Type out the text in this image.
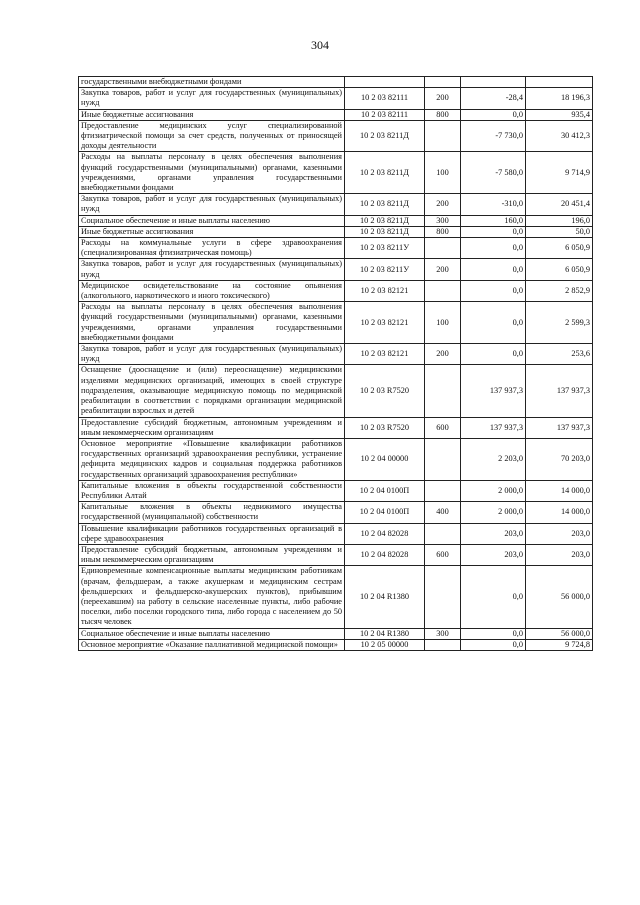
304
государственными внебюджетными фондами				
Закупка товаров, работ и услуг для государственных (муниципальных) нужд	10 2 03 82111	200	-28,4	18 196,3
Иные бюджетные ассигнования	10 2 03 82111	800	0,0	935,4
Предоставление медицинских услуг специализированной фтизиатрической помощи за счет средств, полученных от приносящей доходы деятельности	10 2 03 8211Д		-7 730,0	30 412,3
Расходы на выплаты персоналу в целях обеспечения выполнения функций государственными (муниципальными) органами, казенными учреждениями, органами управления государственными внебюджетными фондами	10 2 03 8211Д	100	-7 580,0	9 714,9
Закупка товаров, работ и услуг для государственных (муниципальных) нужд	10 2 03 8211Д	200	-310,0	20 451,4
Социальное обеспечение и иные выплаты населению	10 2 03 8211Д	300	160,0	196,0
Иные бюджетные ассигнования	10 2 03 8211Д	800	0,0	50,0
Расходы на коммунальные услуги в сфере здравоохранения (специализированная фтизиатрическая помощь)	10 2 03 8211У		0,0	6 050,9
Закупка товаров, работ и услуг для государственных (муниципальных) нужд	10 2 03 8211У	200	0,0	6 050,9
Медицинское освидетельствование на состояние опьянения (алкогольного, наркотического и иного токсического)	10 2 03 82121		0,0	2 852,9
Расходы на выплаты персоналу в целях обеспечения выполнения функций государственными (муниципальными) органами, казенными учреждениями, органами управления государственными внебюджетными фондами	10 2 03 82121	100	0,0	2 599,3
Закупка товаров, работ и услуг для государственных (муниципальных) нужд	10 2 03 82121	200	0,0	253,6
Оснащение (дооснащение и (или) переоснащение) медицинскими изделиями медицинских организаций, имеющих в своей структуре подразделения, оказывающие медицинскую помощь по медицинской реабилитации в соответствии с порядками организации медицинской реабилитации взрослых и детей	10 2 03 R7520		137 937,3	137 937,3
Предоставление субсидий бюджетным, автономным учреждениям и иным некоммерческим организациям	10 2 03 R7520	600	137 937,3	137 937,3
Основное мероприятие «Повышение квалификации работников государственных организаций здравоохранения республики, устранение дефицита медицинских кадров и социальная поддержка работников государственных организаций здравоохранения республики»	10 2 04 00000		2 203,0	70 203,0
Капитальные вложения в объекты государственной собственности Республики Алтай	10 2 04 0100П		2 000,0	14 000,0
Капитальные вложения в объекты недвижимого имущества государственной (муниципальной) собственности	10 2 04 0100П	400	2 000,0	14 000,0
Повышение квалификации работников государственных организаций в сфере здравоохранения	10 2 04 82028		203,0	203,0
Предоставление субсидий бюджетным, автономным учреждениям и иным некоммерческим организациям	10 2 04 82028	600	203,0	203,0
Единовременные компенсационные выплаты медицинским работникам (врачам, фельдшерам, а также акушеркам и медицинским сестрам фельдшерских и фельдшерско-акушерских пунктов), прибывшим (переехавшим) на работу в сельские населенные пункты, либо рабочие поселки, либо поселки городского типа, либо города с населением до 50 тысяч человек	10 2 04 R1380		0,0	56 000,0
Социальное обеспечение и иные выплаты населению	10 2 04 R1380	300	0,0	56 000,0
Основное мероприятие «Оказание паллиативной медицинской помощи»	10 2 05 00000		0,0	9 724,8
